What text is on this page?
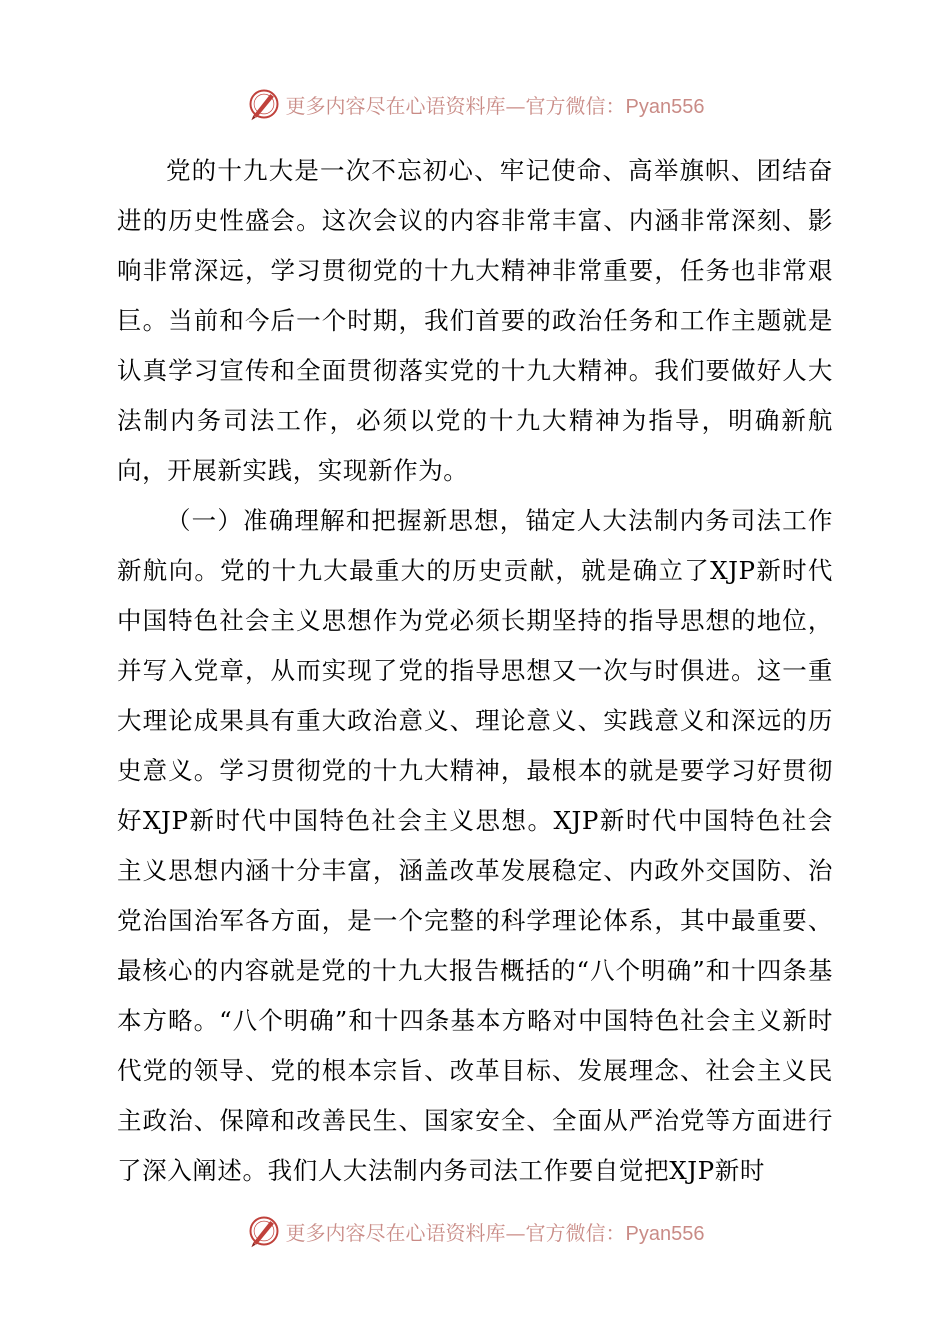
更多内容尽在心语资料库—官方微信：Pyan556

党的十九大是一次不忘初心、牢记使命、高举旗帜、团结奋进的历史性盛会。这次会议的内容非常丰富、内涵非常深刻、影响非常深远，学习贯彻党的十九大精神非常重要，任务也非常艰巨。当前和今后一个时期，我们首要的政治任务和工作主题就是认真学习宣传和全面贯彻落实党的十九大精神。我们要做好人大法制内务司法工作，必须以党的十九大精神为指导，明确新航向，开展新实践，实现新作为。

（一）准确理解和把握新思想，锚定人大法制内务司法工作新航向。党的十九大最重大的历史贡献，就是确立了XJP新时代中国特色社会主义思想作为党必须长期坚持的指导思想的地位，并写入党章，从而实现了党的指导思想又一次与时俱进。这一重大理论成果具有重大政治意义、理论意义、实践意义和深远的历史意义。学习贯彻党的十九大精神，最根本的就是要学习好贯彻好XJP新时代中国特色社会主义思想。XJP新时代中国特色社会主义思想内涵十分丰富，涵盖改革发展稳定、内政外交国防、治党治国治军各方面，是一个完整的科学理论体系，其中最重要、最核心的内容就是党的十九大报告概括的“八个明确”和十四条基本方略。“八个明确”和十四条基本方略对中国特色社会主义新时代党的领导、党的根本宗旨、改革目标、发展理念、社会主义民主政治、保障和改善民生、国家安全、全面从严治党等方面进行了深入阐述。我们人大法制内务司法工作要自觉把XJP新时

更多内容尽在心语资料库—官方微信：Pyan556
